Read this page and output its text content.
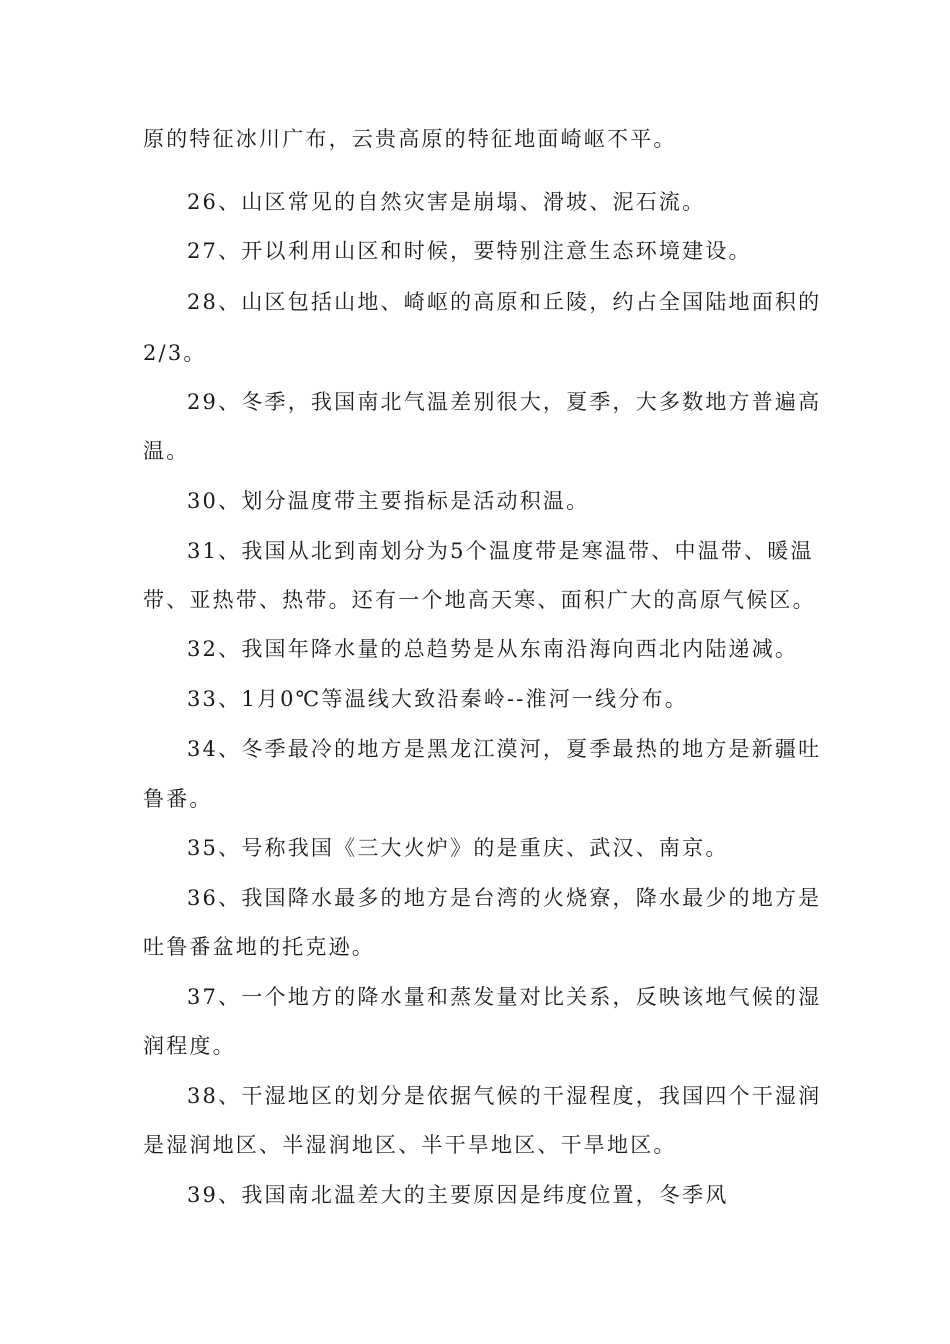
原的特征冰川广布，云贵高原的特征地面崎岖不平。
26、山区常见的自然灾害是崩塌、滑坡、泥石流。
27、开以利用山区和时候，要特别注意生态环境建设。
28、山区包括山地、崎岖的高原和丘陵，约占全国陆地面积的
2/3。
29、冬季，我国南北气温差别很大，夏季，大多数地方普遍高
温。
30、划分温度带主要指标是活动积温。
31、我国从北到南划分为5个温度带是寒温带、中温带、暖温
带、亚热带、热带。还有一个地高天寒、面积广大的高原气候区。
32、我国年降水量的总趋势是从东南沿海向西北内陆递减。
33、1月0℃等温线大致沿秦岭--淮河一线分布。
34、冬季最冷的地方是黑龙江漠河，夏季最热的地方是新疆吐
鲁番。
35、号称我国《三大火炉》的是重庆、武汉、南京。
36、我国降水最多的地方是台湾的火烧寮，降水最少的地方是
吐鲁番盆地的托克逊。
37、一个地方的降水量和蒸发量对比关系，反映该地气候的湿
润程度。
38、干湿地区的划分是依据气候的干湿程度，我国四个干湿润
是湿润地区、半湿润地区、半干旱地区、干旱地区。
39、我国南北温差大的主要原因是纬度位置，冬季风
